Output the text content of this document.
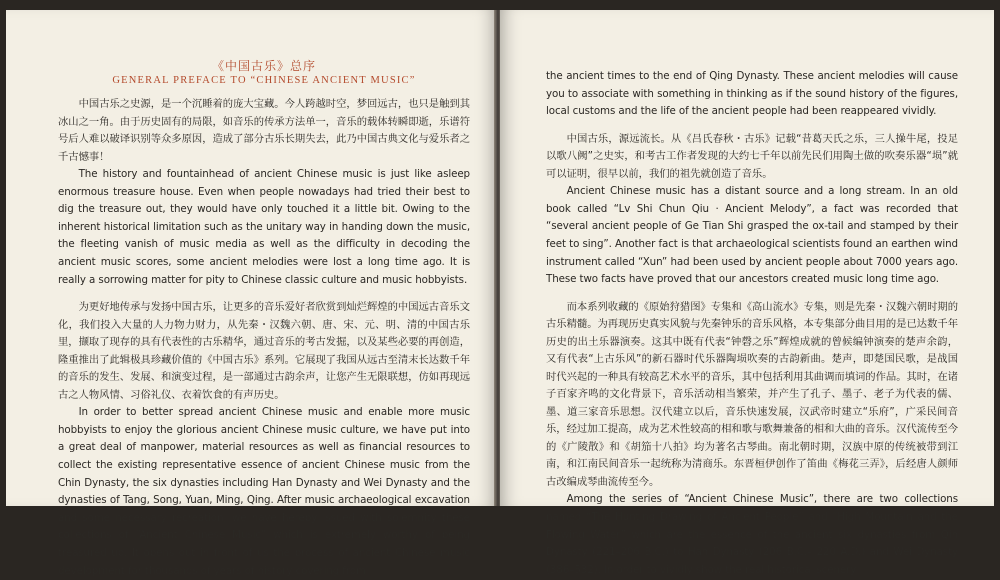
《中国古乐》总序

GENERAL PREFACE TO “CHINESE ANCIENT MUSIC”

中国古乐之史源，是一个沉睡着的庞大宝藏。今人跨越时空，梦回远古，也只是触到其冰山之一角。由于历史固有的局限，如音乐的传承方法单一，音乐的载体转瞬即逝，乐谱符号后人难以破译识别等众多原因，造成了部分古乐长期失去，此乃中国古典文化与爱乐者之千古憾事！

The history and fountainhead of ancient Chinese music is just like asleep enormous treasure house. Even when people nowadays had tried their best to dig the treasure out, they would have only touched it a little bit. Owing to the inherent historical limitation such as the unitary way in handing down the music, the fleeting vanish of music media as well as the difficulty in decoding the ancient music scores, some ancient melodies were lost a long time ago. It is really a sorrowing matter for pity to Chinese classic culture and music hobbyists.

为更好地传承与发扬中国古乐，让更多的音乐爱好者欣赏到灿烂辉煌的中国远古音乐文化，我们投入大量的人力物力财力，从先秦・汉魏六朝、唐、宋、元、明、清的中国古乐里，撷取了现存的具有代表性的古乐精华，通过音乐的考古发掘，以及某些必要的再创造，隆重推出了此辑极具珍藏价值的《中国古乐》系列。它展现了我国从远古至清末长达数千年的音乐的发生、发展、和演变过程，是一部通过古韵余声，让您产生无限联想，仿如再现远古之人物风情、习俗礼仪、衣着饮食的有声历史。

In order to better spread ancient Chinese music and enable more music hobbyists to enjoy the glorious ancient Chinese music culture, we have put into a great deal of manpower, material resources as well as financial resources to collect the existing representative essence of ancient Chinese music from the Chin Dynasty, the six dynasties including Han Dynasty and Wei Dynasty and the dynasties of Tang, Song, Yuan, Ming, Qing. After music archaeological excavation and some necessary recreation, we have hereby issued with solemnity these collections of “Ancient Chinese Music” which is extremely worthy of being treasured up. It opens out in front of us the process of ancient Chinese music development for thousands of years of history covering from

the ancient times to the end of Qing Dynasty. These ancient melodies will cause you to associate with something in thinking as if the sound history of the figures, local customs and the life of the ancient people had been reappeared vividly.

中国古乐，源远流长。从《吕氏春秋・古乐》记载“昔葛天氏之乐，三人操牛尾，投足以歌八阙”之史实，和考古工作者发现的大约七千年以前先民们用陶土做的吹奏乐器“埙”就可以证明，很早以前，我们的祖先就创造了音乐。

Ancient Chinese music has a distant source and a long stream. In an old book called “Lv Shi Chun Qiu · Ancient Melody”, a fact was recorded that “several ancient people of Ge Tian Shi grasped the ox-tail and stamped by their feet to sing”. Another fact is that archaeological scientists found an earthen wind instrument called “Xun” had been used by ancient people about 7000 years ago. These two facts have proved that our ancestors created music long time ago.

而本系列收藏的《原始狩猎图》专集和《高山流水》专集，则是先秦・汉魏六朝时期的古乐精髓。为再现历史真实风貌与先秦钟乐的音乐风格，本专集部分曲目用的是已达数千年历史的出土乐器演奏。这其中既有代表“钟磬之乐”辉煌成就的曾候编钟演奏的楚声余韵，又有代表“上古乐风”的新石器时代乐器陶埙吹奏的古韵新曲。楚声，即楚国民歌，是战国时代兴起的一种具有较高艺术水平的音乐，其中包括利用其曲调而填词的作品。其时，在诸子百家齐鸣的文化背景下，音乐活动相当繁荣，并产生了孔子、墨子、老子为代表的儒、墨、道三家音乐思想。汉代建立以后，音乐快速发展，汉武帝时建立“乐府”，广采民间音乐，经过加工提高，成为艺术性较高的相和歌与歌舞兼备的相和大曲的音乐。汉代流传至今的《广陵散》和《胡笳十八拍》均为著名古琴曲。南北朝时期，汉族中原的传统被带到江南，和江南民间音乐一起统称为清商乐。东晋桓伊创作了笛曲《梅花三弄》，后经唐人颜师古改编成琴曲流传至今。

Among the series of “Ancient Chinese Music”, there are two collections named “The Hunting Drawing of Ancient People” and “High Mountain and the Flowing Water” which are the essence of the ancient six dynasties from Qin Dynasty (221–206 B.C.) to Han Dynasty (206 B.C.– 220 A.D.) and Wei Dynasty (386–532). In order to vividly show the real historical scenery
